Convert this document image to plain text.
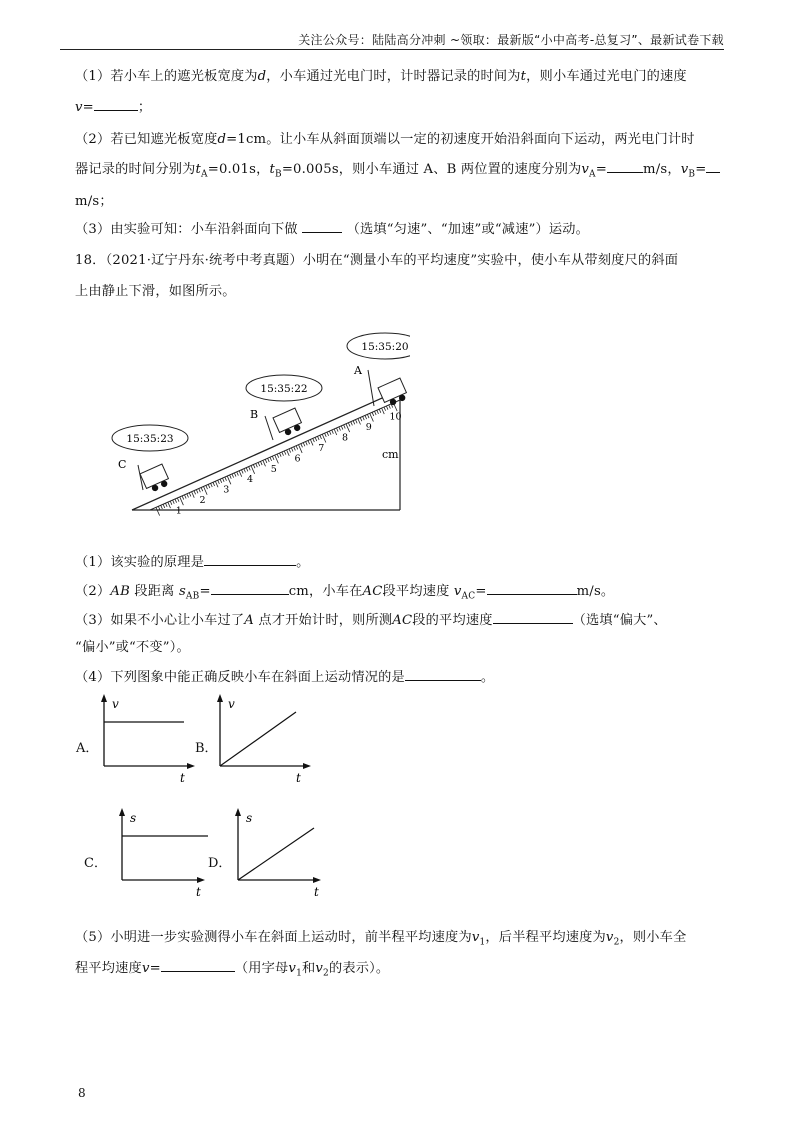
关注公众号：陆陆高分冲刺 ~领取：最新版“小中高考-总复习”、最新试卷下载
（1）若小车上的遮光板宽度为d，小车通过光电门时，计时器记录的时间为t，则小车通过光电门的速度
v=	；
（2）若已知遮光板宽度d=1cm。让小车从斜面顶端以一定的初速度开始沿斜面向下运动，两光电门计时
器记录的时间分别为$t_A=0.01s$，$t_B=0.005s$，则小车通过 A、B 两位置的速度分别为$v_A=$	m/s，$v_B=$
m/s；
（3）由实验可知：小车沿斜面向下做	（选填“匀速”、“加速”或“减速”）运动。
18．（2021·辽宁丹东·统考中考真题）小明在“测量小车的平均速度”实验中，使小车从带刻度尺的斜面
上由静止下滑，如图所示。
1
2
3
4
5
6
7
8
9
10
cm
15:35:23
15:35:22
15:35:20
C
B
A
（1）该实验的原理是	。
（2）AB 段距离 $s_{AB}=$	cm，小车在AC段平均速度 $v_{AC}=$	m/s。
（3）如果不小心让小车过了A 点才开始计时，则所测AC段的平均速度	（选填“偏大”、
“偏小”或“不变”）。
（4）下列图象中能正确反映小车在斜面上运动情况的是	。
A．
v
t
B．
v
t
C．
s
t
D．
s
t
（5）小明进一步实验测得小车在斜面上运动时，前半程平均速度为$v_1$，后半程平均速度为$v_2$，则小车全
程平均速度v=	（用字母$v_1$和$v_2$的表示）。
8
